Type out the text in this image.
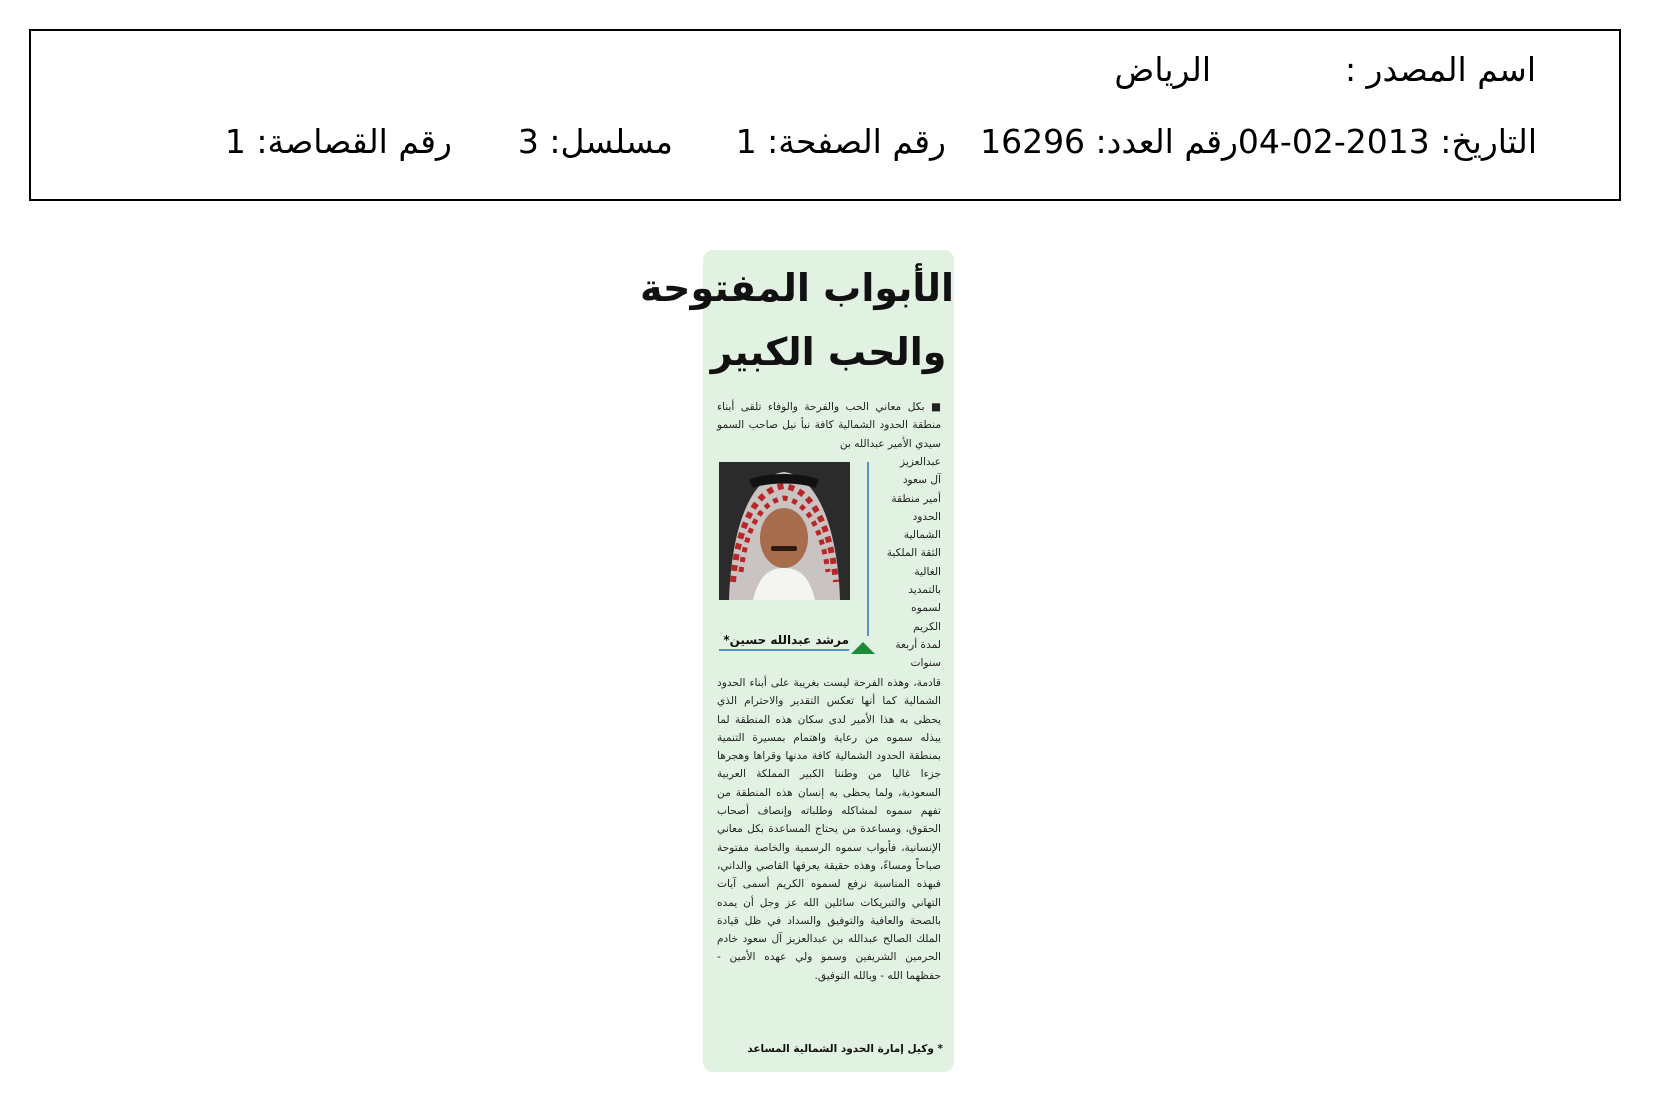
اسم المصدر :
الرياض
التاريخ: 2013-02-04
رقم العدد: 16296
رقم الصفحة: 1
مسلسل: 3
رقم القصاصة: 1
الأبواب المفتوحة
والحب الكبير

■ بكل معاني الحب والفرحة والوفاء تلقى أبناء منطقة الحدود الشمالية كافة نبأ نيل صاحب السمو سيدي الأمير عبدالله بن

عبدالعزيز
آل سعود
أمير منطقة
الحدود
الشمالية
الثقة الملكية
الغالية
بالتمديد
لسموه
الكريم
لمدة أربعة
سنوات
مرشد عبدالله حسين*

قادمة، وهذه الفرحة ليست بغريبة على أبناء الحدود الشمالية كما أنها تعكس التقدير والاحترام الذي يحظى به هذا الأمير لدى سكان هذه المنطقة لما يبذله سموه من رعاية واهتمام بمسيرة التنمية بمنطقة الحدود الشمالية كافة مدنها وقراها وهجرها جزءا غاليا من وطننا الكبير المملكة العربية السعودية، ولما يحظى به إنسان هذه المنطقة من تفهم سموه لمشاكله وطلباته وإنصاف أصحاب الحقوق، ومساعدة من يحتاج المساعدة بكل معاني الإنسانية، فأبواب سموه الرسمية والخاصة مفتوحة صباحاً ومساءً، وهذه حقيقة يعرفها القاصي والداني، فبهذه المناسبة نرفع لسموه الكريم أسمى آيات التهاني والتبريكات سائلين الله عز وجل أن يمده بالصحة والعافية والتوفيق والسداد في ظل قيادة الملك الصالح عبدالله بن عبدالعزيز آل سعود خادم الحرمين الشريفين وسمو ولي عهده الأمين - حفظهما الله - وبالله التوفيق.

* وكيل إمارة الحدود الشمالية المساعد
